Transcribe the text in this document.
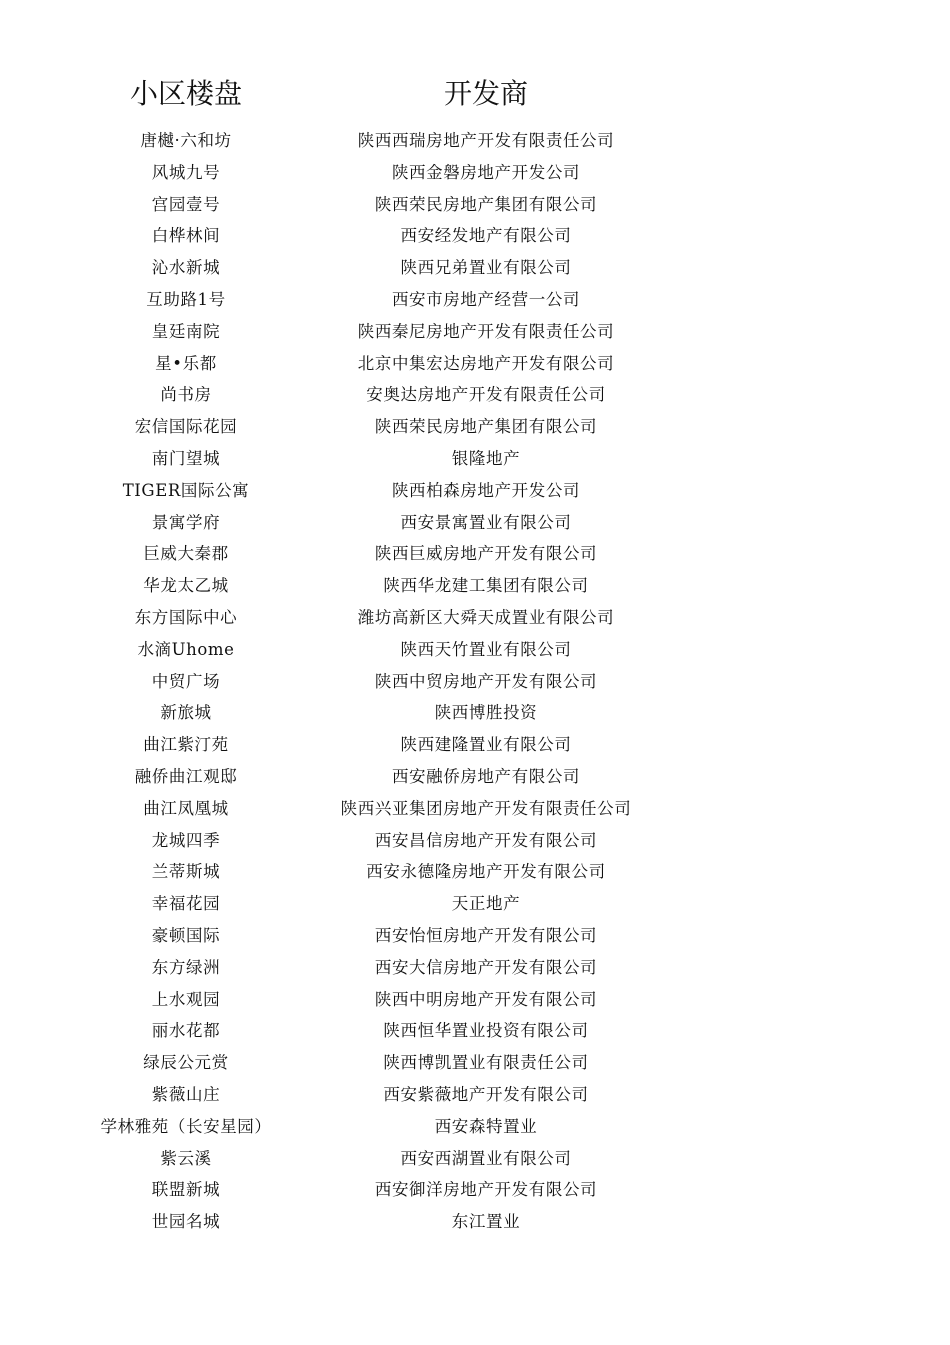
小区楼盘	开发商
唐樾·六和坊	陕西西瑞房地产开发有限责任公司
风城九号	陕西金磐房地产开发公司
宫园壹号	陕西荣民房地产集团有限公司
白桦林间	西安经发地产有限公司
沁水新城	陕西兄弟置业有限公司
互助路1号	西安市房地产经营一公司
皇廷南院	陕西秦尼房地产开发有限责任公司
星•乐都	北京中集宏达房地产开发有限公司
尚书房	安奥达房地产开发有限责任公司
宏信国际花园	陕西荣民房地产集团有限公司
南门望城	银隆地产
TIGER国际公寓	陕西柏森房地产开发公司
景寓学府	西安景寓置业有限公司
巨威大秦郡	陕西巨威房地产开发有限公司
华龙太乙城	陕西华龙建工集团有限公司
东方国际中心	潍坊高新区大舜天成置业有限公司
水滴Uhome	陕西天竹置业有限公司
中贸广场	陕西中贸房地产开发有限公司
新旅城	陕西博胜投资
曲江紫汀苑	陕西建隆置业有限公司
融侨曲江观邸	西安融侨房地产有限公司
曲江凤凰城	陕西兴亚集团房地产开发有限责任公司
龙城四季	西安昌信房地产开发有限公司
兰蒂斯城	西安永德隆房地产开发有限公司
幸福花园	天正地产
豪顿国际	西安怡恒房地产开发有限公司
东方绿洲	西安大信房地产开发有限公司
上水观园	陕西中明房地产开发有限公司
丽水花都	陕西恒华置业投资有限公司
绿辰公元赏	陕西博凯置业有限责任公司
紫薇山庄	西安紫薇地产开发有限公司
学林雅苑（长安星园）	西安森特置业
紫云溪	西安西湖置业有限公司
联盟新城	西安御洋房地产开发有限公司
世园名城	东江置业
